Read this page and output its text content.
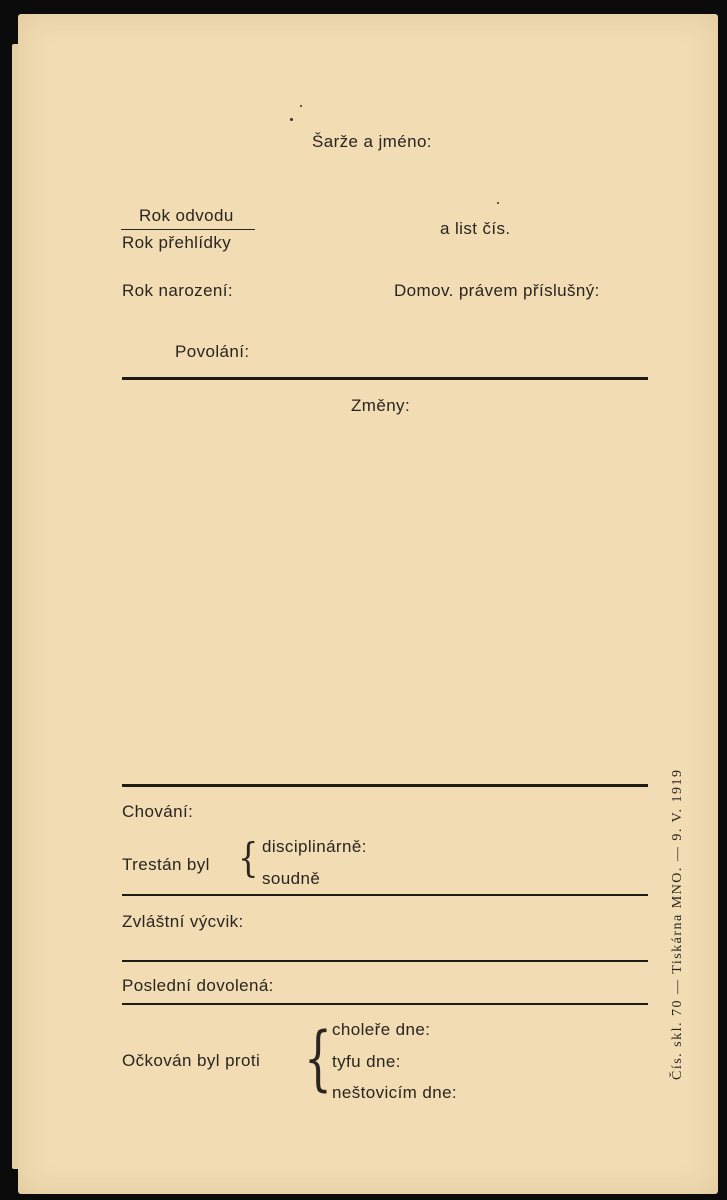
Šarže a jméno:
Rok odvodu
Rok přehlídky
a list čís.
Rok narození:	Domov. právem příslušný:
Povolání:
Změny:
Chování:
Trestán byl { disciplinárně:
soudně
Zvláštní výcvik:
Poslední dovolená:
Očkován byl proti { choleře dne:
tyfu dne:
neštovicím dne:
Čís. skl. 70 — Tiskárna MNO. — 9. V. 1919
